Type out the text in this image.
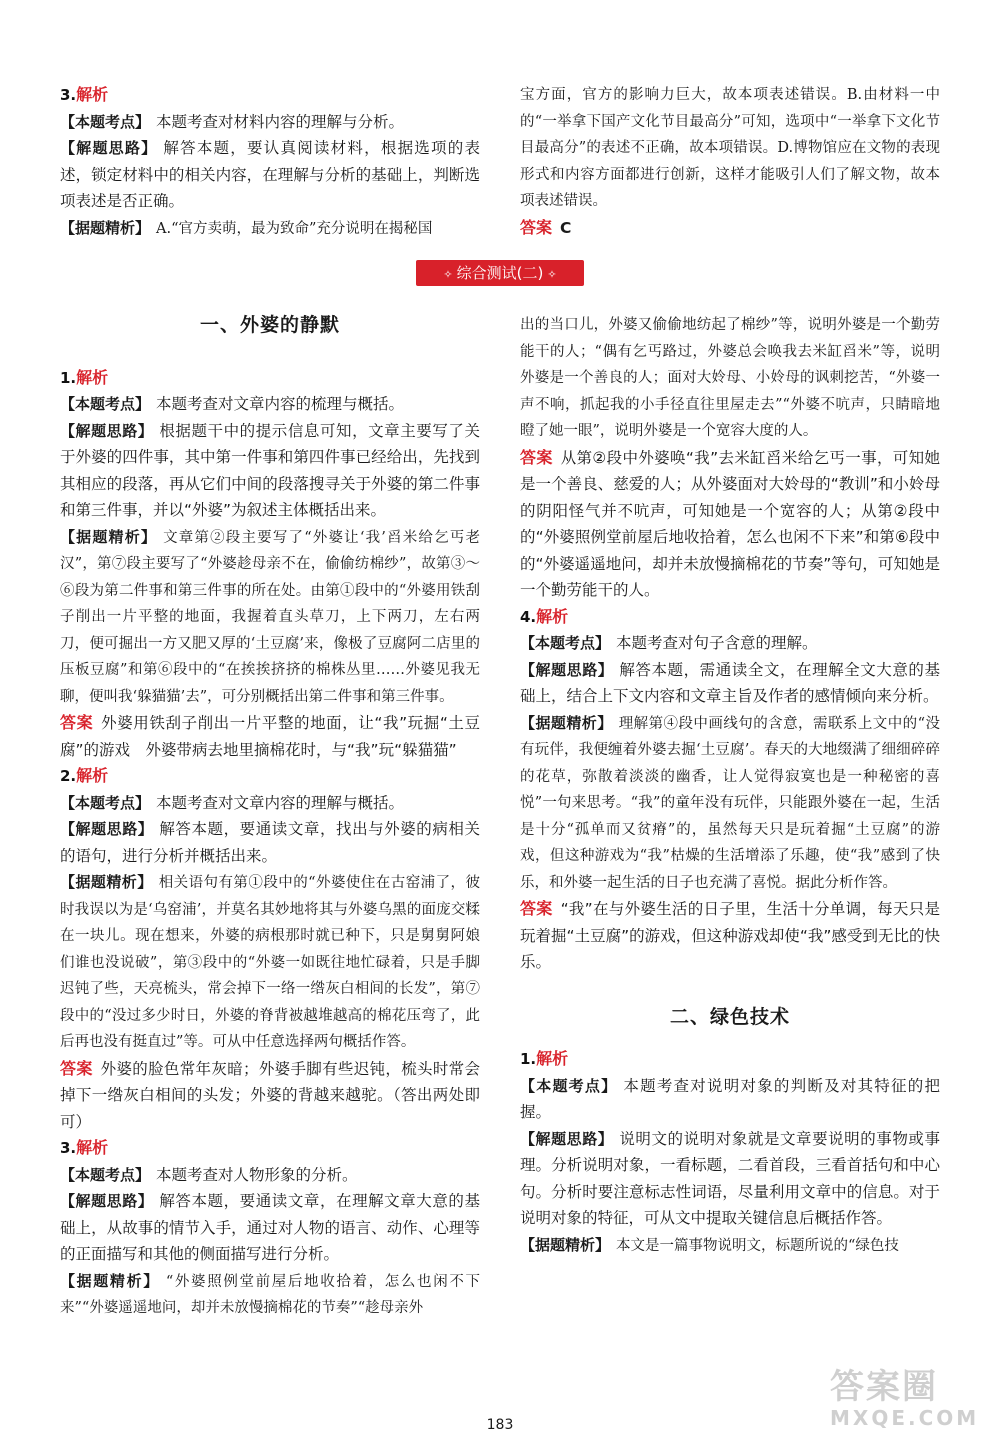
3.解析

【本题考点】 本题考查对材料内容的理解与分析。

【解题思路】 解答本题，要认真阅读材料，根据选项的表述，锁定材料中的相关内容，在理解与分析的基础上，判断选项表述是否正确。

【据题精析】 A.“官方卖萌，最为致命”充分说明在揭秘国

宝方面，官方的影响力巨大，故本项表述错误。B.由材料一中的“一举拿下国产文化节目最高分”可知，选项中“一举拿下文化节目最高分”的表述不正确，故本项错误。D.博物馆应在文物的表现形式和内容方面都进行创新，这样才能吸引人们了解文物，故本项表述错误。

答案 C

✧ 综合测试(二) ✧

一、外婆的静默

1.解析

【本题考点】 本题考查对文章内容的梳理与概括。

【解题思路】 根据题干中的提示信息可知，文章主要写了关于外婆的四件事，其中第一件事和第四件事已经给出，先找到其相应的段落，再从它们中间的段落搜寻关于外婆的第二件事和第三件事，并以“外婆”为叙述主体概括出来。

【据题精析】 文章第②段主要写了“外婆让‘我’舀米给乞丐老汉”，第⑦段主要写了“外婆趁母亲不在，偷偷纺棉纱”，故第③～⑥段为第二件事和第三件事的所在处。由第①段中的“外婆用铁刮子削出一片平整的地面，我握着直头草刀，上下两刀，左右两刀，便可掘出一方又肥又厚的‘土豆腐’来，像极了豆腐阿二店里的压板豆腐”和第⑥段中的“在挨挨挤挤的棉株丛里……外婆见我无聊，便叫我‘躲猫猫’去”，可分别概括出第二件事和第三件事。

答案 外婆用铁刮子削出一片平整的地面，让“我”玩掘“土豆腐”的游戏　外婆带病去地里摘棉花时，与“我”玩“躲猫猫”

2.解析

【本题考点】 本题考查对文章内容的理解与概括。

【解题思路】 解答本题，要通读文章，找出与外婆的病相关的语句，进行分析并概括出来。

【据题精析】 相关语句有第①段中的“外婆使住在古窑浦了，彼时我误以为是‘乌窑浦’，并莫名其妙地将其与外婆乌黑的面庞交糅在一块儿。现在想来，外婆的病根那时就已种下，只是舅舅阿娘们谁也没说破”，第③段中的“外婆一如既往地忙碌着，只是手脚迟钝了些，天亮梳头，常会掉下一络一绺灰白相间的长发”，第⑦段中的“没过多少时日，外婆的脊背被越堆越高的棉花压弯了，此后再也没有挺直过”等。可从中任意选择两句概括作答。

答案 外婆的脸色常年灰暗；外婆手脚有些迟钝，梳头时常会掉下一绺灰白相间的头发；外婆的背越来越驼。（答出两处即可）

3.解析

【本题考点】 本题考查对人物形象的分析。

【解题思路】 解答本题，要通读文章，在理解文章大意的基础上，从故事的情节入手，通过对人物的语言、动作、心理等的正面描写和其他的侧面描写进行分析。

【据题精析】 “外婆照例堂前屋后地收拾着，怎么也闲不下来”“外婆遥遥地问，却并未放慢摘棉花的节奏”“趁母亲外

出的当口儿，外婆又偷偷地纺起了棉纱”等，说明外婆是一个勤劳能干的人；“偶有乞丐路过，外婆总会唤我去米缸舀米”等，说明外婆是一个善良的人；面对大姈母、小姈母的讽刺挖苦，“外婆一声不响，抓起我的小手径直往里屋走去”“外婆不吭声，只睛暗地瞪了她一眼”，说明外婆是一个宽容大度的人。

答案 从第②段中外婆唤“我”去米缸舀米给乞丐一事，可知她是一个善良、慈爱的人；从外婆面对大姈母的“教训”和小姈母的阴阳怪气并不吭声，可知她是一个宽容的人；从第②段中的“外婆照例堂前屋后地收拾着，怎么也闲不下来”和第⑥段中的“外婆遥遥地问，却并未放慢摘棉花的节奏”等句，可知她是一个勤劳能干的人。

4.解析

【本题考点】 本题考查对句子含意的理解。

【解题思路】 解答本题，需通读全文，在理解全文大意的基础上，结合上下文内容和文章主旨及作者的感情倾向来分析。

【据题精析】 理解第④段中画线句的含意，需联系上文中的“没有玩伴，我便缠着外婆去掘‘土豆腐’。春天的大地缀满了细细碎碎的花草，弥散着淡淡的幽香，让人觉得寂寞也是一种秘密的喜悦”一句来思考。“我”的童年没有玩伴，只能跟外婆在一起，生活是十分“孤单而又贫瘠”的，虽然每天只是玩着掘“土豆腐”的游戏，但这种游戏为“我”枯燥的生活增添了乐趣，使“我”感到了快乐，和外婆一起生活的日子也充满了喜悦。据此分析作答。

答案 “我”在与外婆生活的日子里，生活十分单调，每天只是玩着掘“土豆腐”的游戏，但这种游戏却使“我”感受到无比的快乐。

二、绿色技术

1.解析

【本题考点】 本题考查对说明对象的判断及对其特征的把握。

【解题思路】 说明文的说明对象就是文章要说明的事物或事理。分析说明对象，一看标题，二看首段，三看首括句和中心句。分析时要注意标志性词语，尽量利用文章中的信息。对于说明对象的特征，可从文中提取关键信息后概括作答。

【据题精析】 本文是一篇事物说明文，标题所说的“绿色技

183
答案圈
MXQE.COM
